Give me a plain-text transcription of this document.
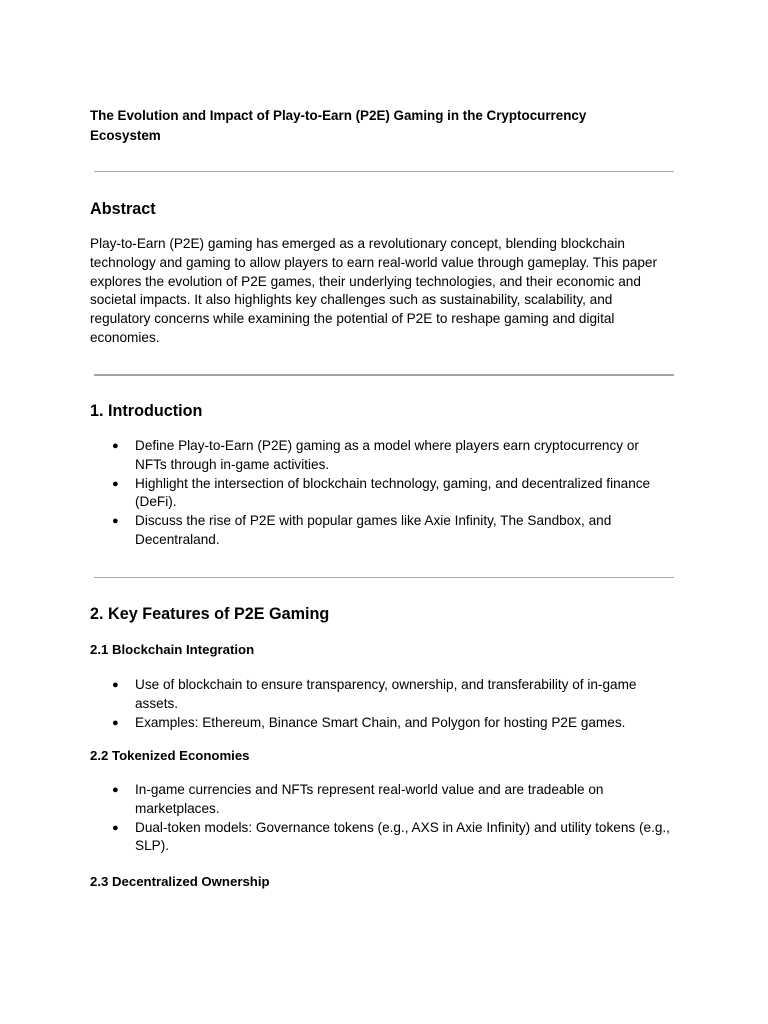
The Evolution and Impact of Play-to-Earn (P2E) Gaming in the Cryptocurrency Ecosystem

Abstract

Play-to-Earn (P2E) gaming has emerged as a revolutionary concept, blending blockchain technology and gaming to allow players to earn real-world value through gameplay. This paper explores the evolution of P2E games, their underlying technologies, and their economic and societal impacts. It also highlights key challenges such as sustainability, scalability, and regulatory concerns while examining the potential of P2E to reshape gaming and digital economies.

1. Introduction
● Define Play-to-Earn (P2E) gaming as a model where players earn cryptocurrency or NFTs through in-game activities.
● Highlight the intersection of blockchain technology, gaming, and decentralized finance (DeFi).
● Discuss the rise of P2E with popular games like Axie Infinity, The Sandbox, and Decentraland.
2. Key Features of P2E Gaming
2.1 Blockchain Integration
● Use of blockchain to ensure transparency, ownership, and transferability of in-game assets.
● Examples: Ethereum, Binance Smart Chain, and Polygon for hosting P2E games.
2.2 Tokenized Economies
● In-game currencies and NFTs represent real-world value and are tradeable on marketplaces.
● Dual-token models: Governance tokens (e.g., AXS in Axie Infinity) and utility tokens (e.g., SLP).
2.3 Decentralized Ownership
